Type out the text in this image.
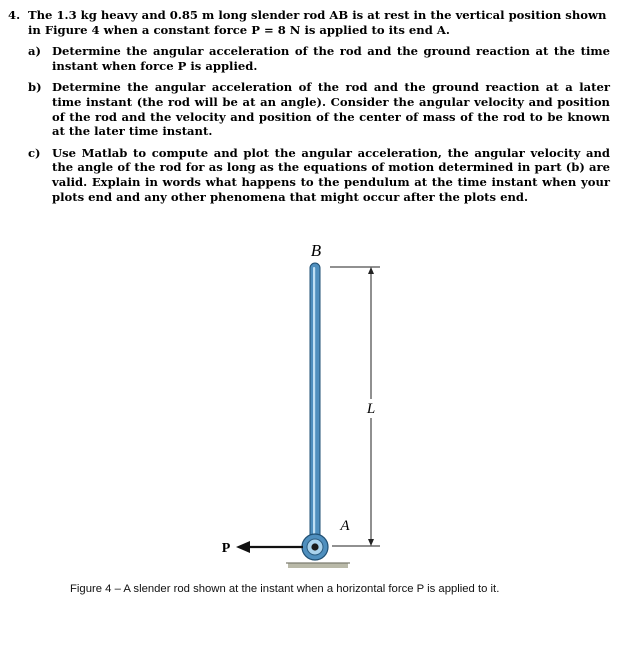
4. The 1.3 kg heavy and 0.85 m long slender rod AB is at rest in the vertical position shown in Figure 4 when a constant force P = 8 N is applied to its end A.
a) Determine the angular acceleration of the rod and the ground reaction at the time instant when force P is applied.
b) Determine the angular acceleration of the rod and the ground reaction at a later time instant (the rod will be at an angle). Consider the angular velocity and position of the rod and the velocity and position of the center of mass of the rod to be known at the later time instant.
c) Use Matlab to compute and plot the angular acceleration, the angular velocity and the angle of the rod for as long as the equations of motion determined in part (b) are valid. Explain in words what happens to the pendulum at the time instant when your plots end and any other phenomena that might occur after the plots end.
B
L
P
A
Figure 4 – A slender rod shown at the instant when a horizontal force P is applied to it.
